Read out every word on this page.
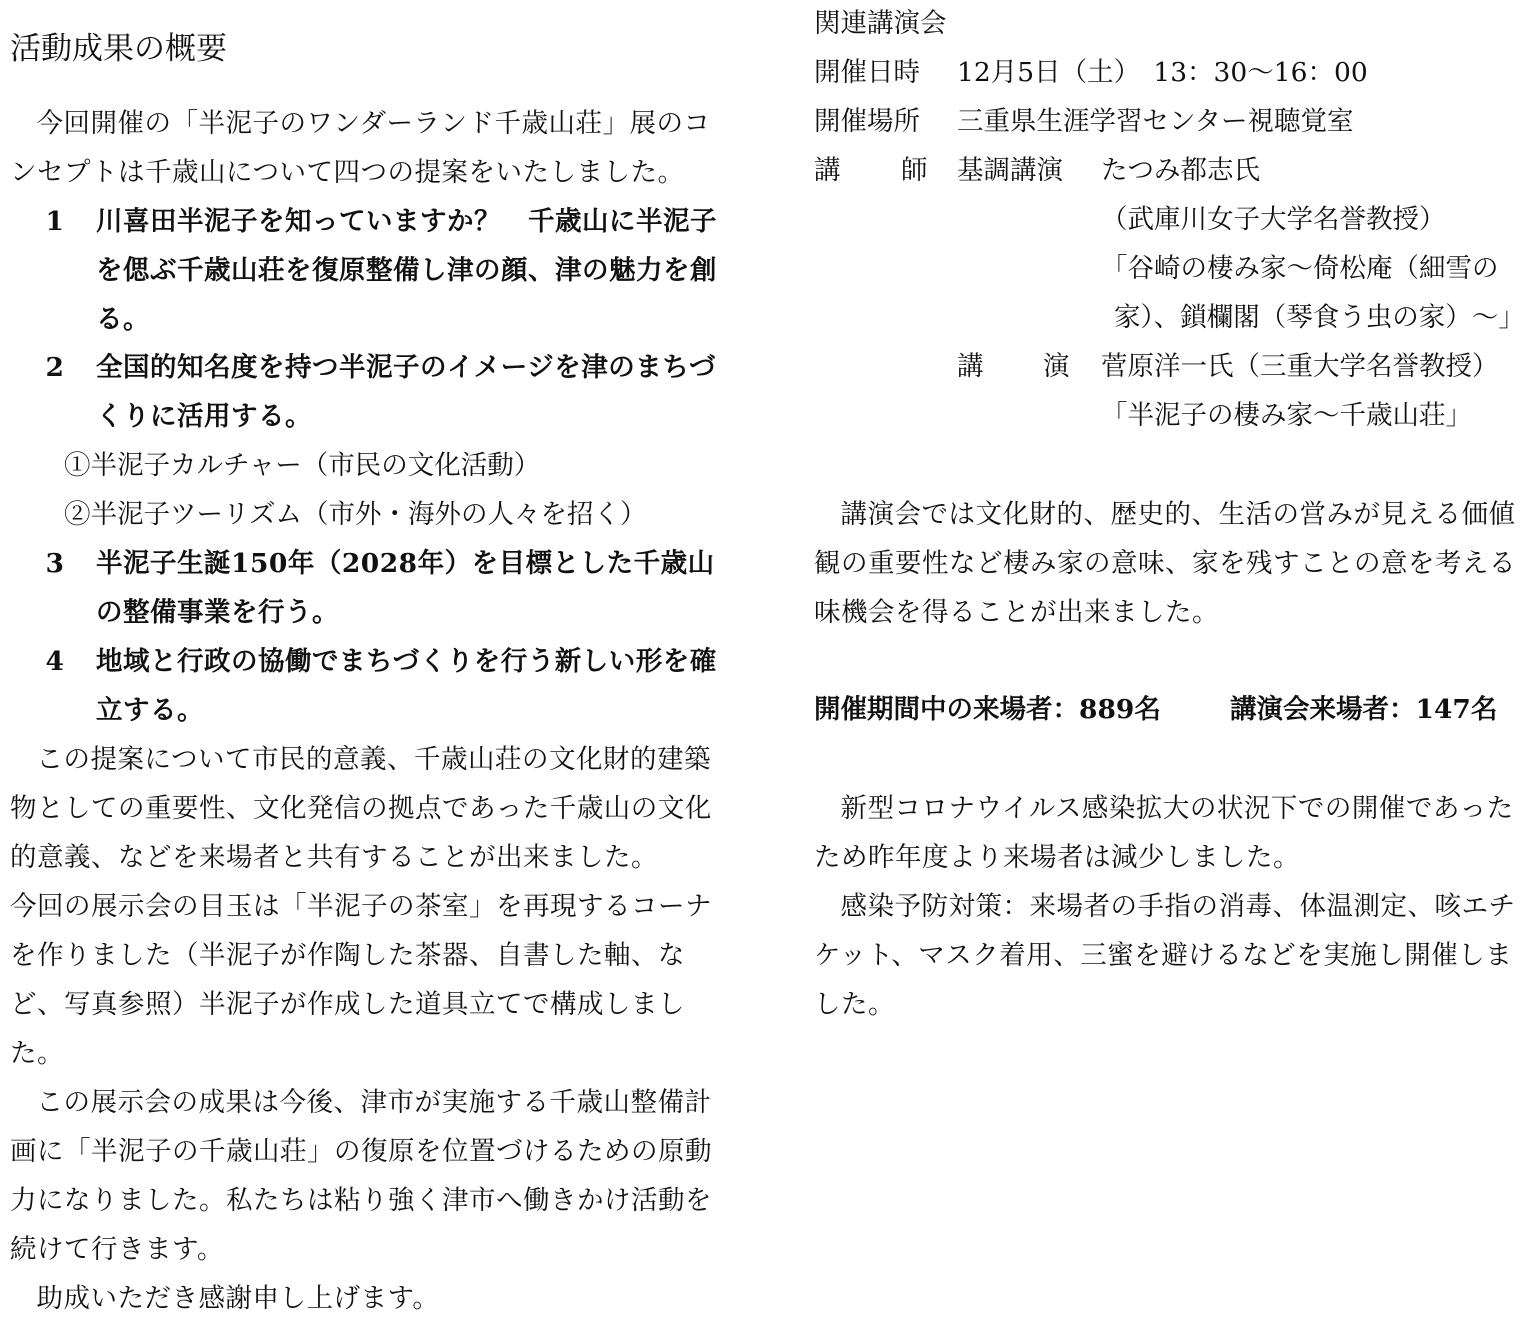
活動成果の概要

今回開催の「半泥子のワンダーランド千歳山荘」展のコンセプトは千歳山について四つの提案をいたしました。

1 川喜田半泥子を知っていますか？　千歳山に半泥子を偲ぶ千歳山荘を復原整備し津の顔、津の魅力を創る。
2 全国的知名度を持つ半泥子のイメージを津のまちづくりに活用する。
①半泥子カルチャー（市民の文化活動）
②半泥子ツーリズム（市外・海外の人々を招く）
3 半泥子生誕150年（2028年）を目標とした千歳山の整備事業を行う。
4 地域と行政の協働でまちづくりを行う新しい形を確立する。

この提案について市民的意義、千歳山荘の文化財的建築物としての重要性、文化発信の拠点であった千歳山の文化的意義、などを来場者と共有することが出来ました。

今回の展示会の目玉は「半泥子の茶室」を再現するコーナを作りました（半泥子が作陶した茶器、自書した軸、など、写真参照）半泥子が作成した道具立てで構成しました。

この展示会の成果は今後、津市が実施する千歳山整備計画に「半泥子の千歳山荘」の復原を位置づけるための原動力になりました。私たちは粘り強く津市へ働きかけ活動を続けて行きます。

助成いただき感謝申し上げます。

関連講演会
開催日時 12月5日（土）　13：30〜16：00
開催場所 三重県生涯学習センター視聴覚室
講 師 基調講演 たつみ都志氏
（武庫川女子大学名誉教授）
「谷崎の棲み家〜倚松庵（細雪の
家）、鎖欄閣（琴食う虫の家）〜」
講 演 菅原洋一氏（三重大学名誉教授）
「半泥子の棲み家〜千歳山荘」

講演会では文化財的、歴史的、生活の営みが見える価値観の重要性など棲み家の意味、家を残すことの意を考える味機会を得ることが出来ました。

開催期間中の来場者：889名	講演会来場者：147名

新型コロナウイルス感染拡大の状況下での開催であったため昨年度より来場者は減少しました。

感染予防対策：来場者の手指の消毒、体温測定、咳エチケット、マスク着用、三蜜を避けるなどを実施し開催しました。
